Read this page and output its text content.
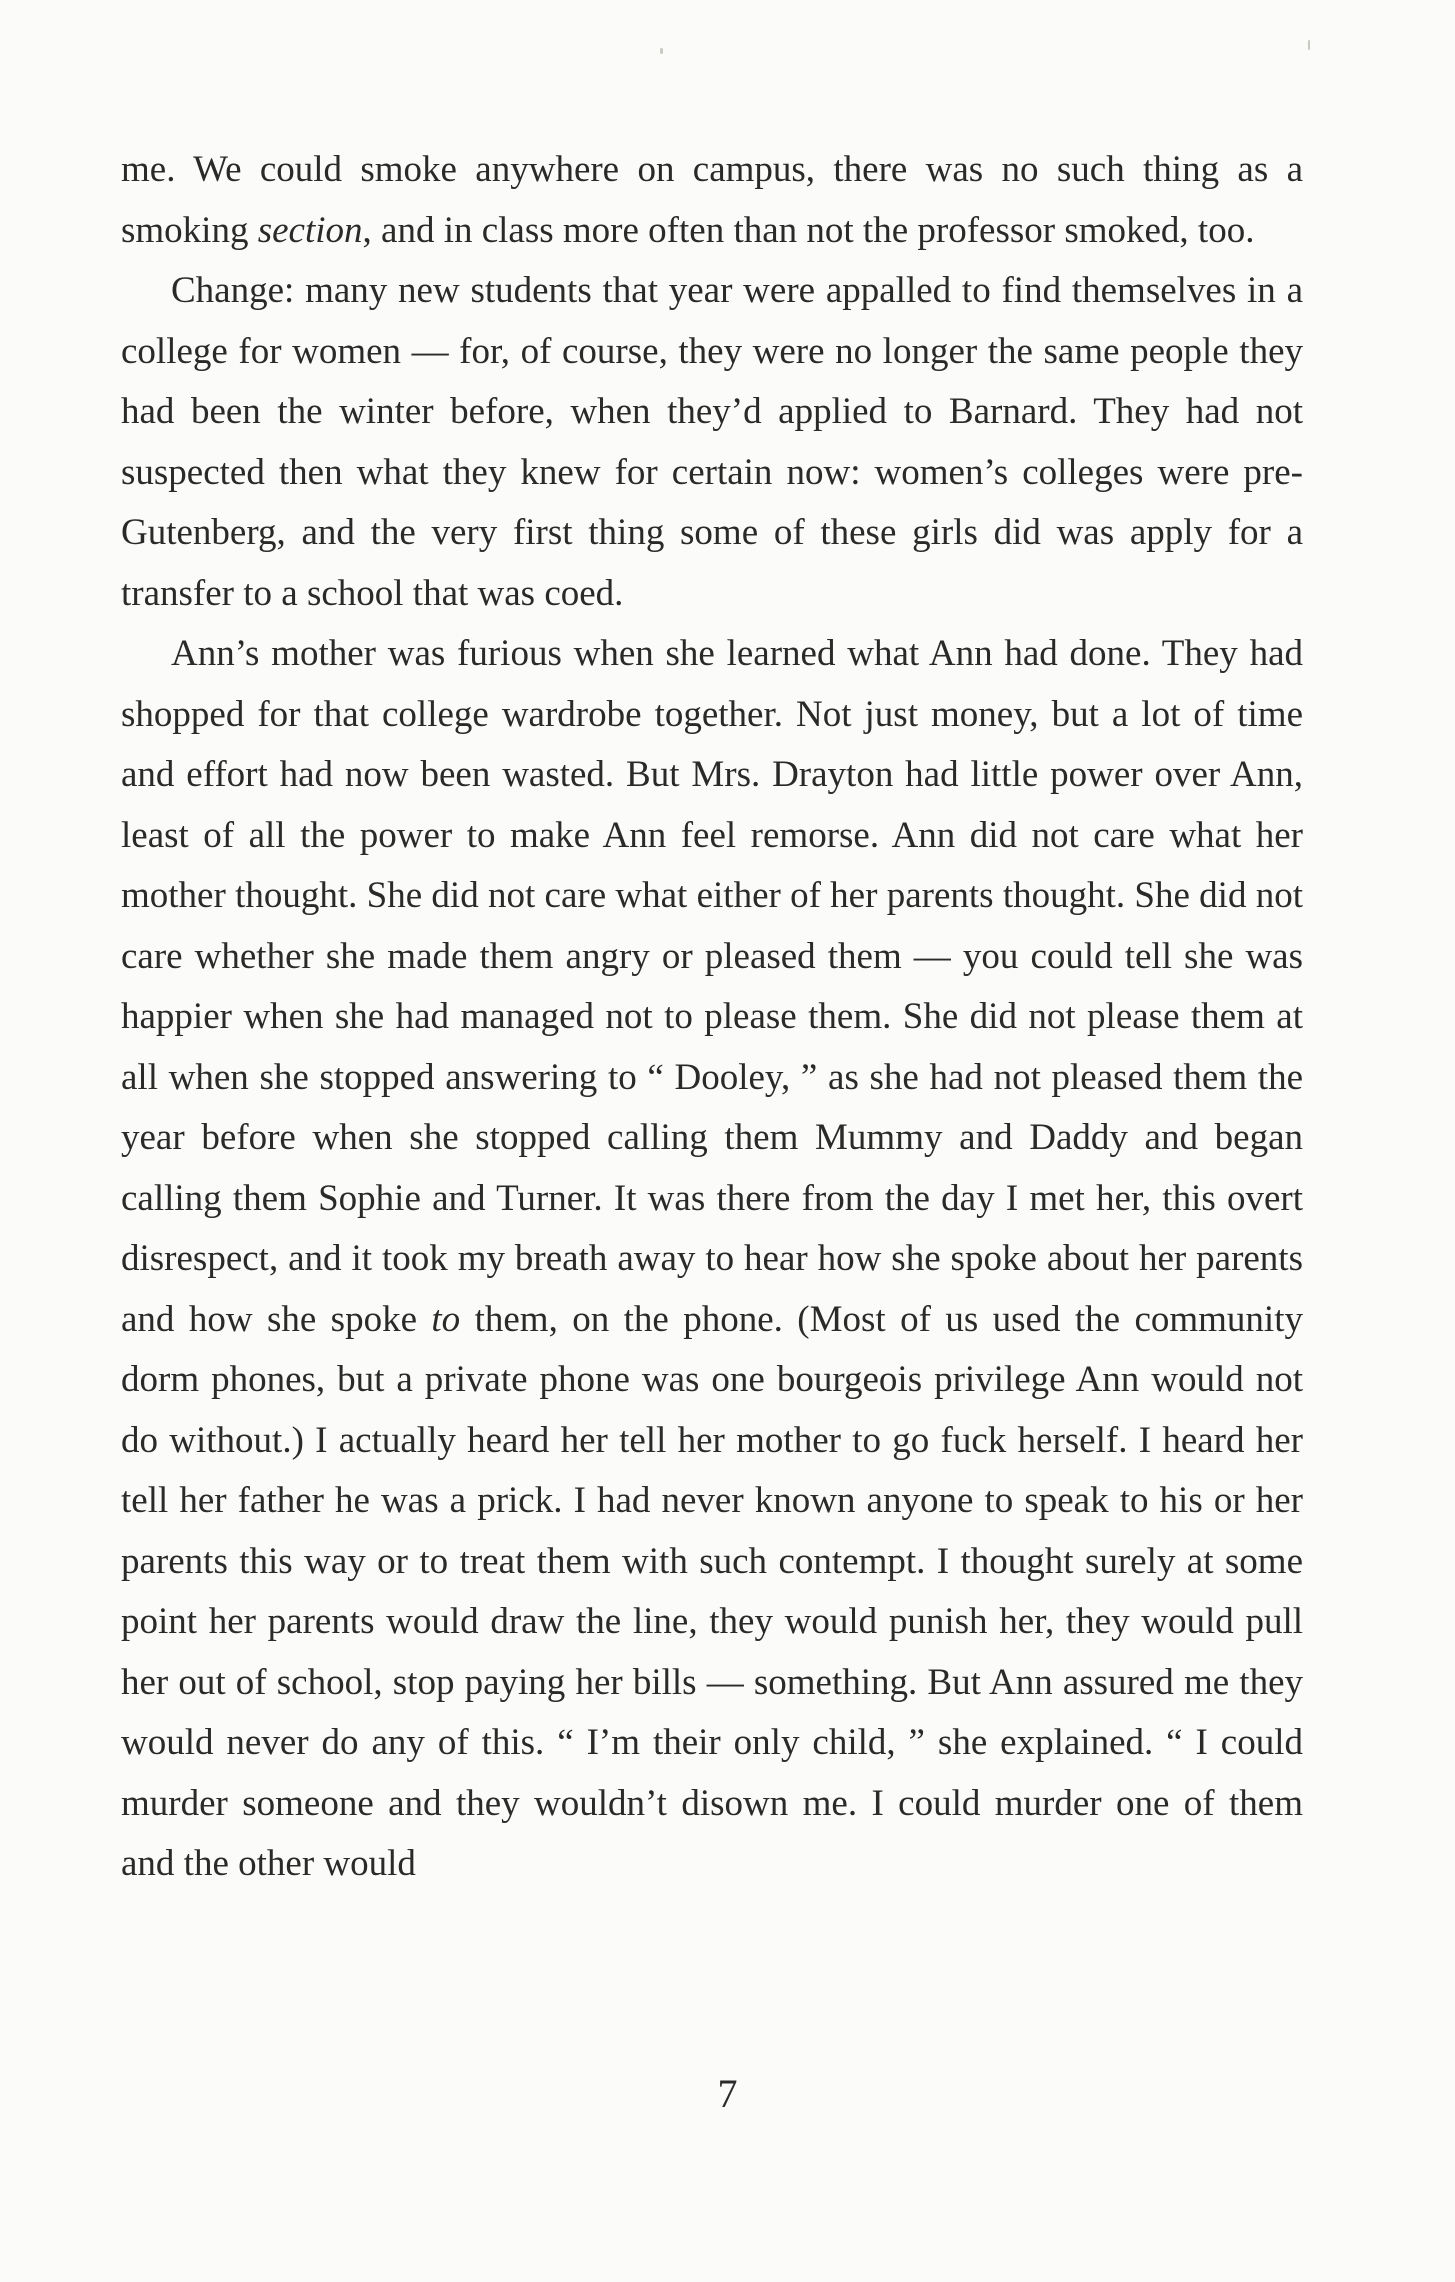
me. We could smoke anywhere on campus, there was no such thing as a smoking section, and in class more often than not the professor smoked, too.

Change: many new students that year were appalled to find themselves in a college for women — for, of course, they were no longer the same people they had been the winter before, when they’d applied to Barnard. They had not suspected then what they knew for certain now: women’s colleges were pre-Gutenberg, and the very first thing some of these girls did was apply for a transfer to a school that was coed.

Ann’s mother was furious when she learned what Ann had done. They had shopped for that college wardrobe together. Not just money, but a lot of time and effort had now been wasted. But Mrs. Drayton had little power over Ann, least of all the power to make Ann feel remorse. Ann did not care what her mother thought. She did not care what either of her parents thought. She did not care whether she made them angry or pleased them — you could tell she was happier when she had managed not to please them. She did not please them at all when she stopped answering to “ Dooley, ” as she had not pleased them the year before when she stopped calling them Mummy and Daddy and began calling them Sophie and Turner. It was there from the day I met her, this overt disrespect, and it took my breath away to hear how she spoke about her parents and how she spoke to them, on the phone. (Most of us used the community dorm phones, but a private phone was one bourgeois privilege Ann would not do without.) I actually heard her tell her mother to go fuck herself. I heard her tell her father he was a prick. I had never known anyone to speak to his or her parents this way or to treat them with such contempt. I thought surely at some point her parents would draw the line, they would punish her, they would pull her out of school, stop paying her bills — something. But Ann assured me they would never do any of this. “ I’m their only child, ” she explained. “ I could murder someone and they wouldn’t disown me. I could murder one of them and the other would

7
